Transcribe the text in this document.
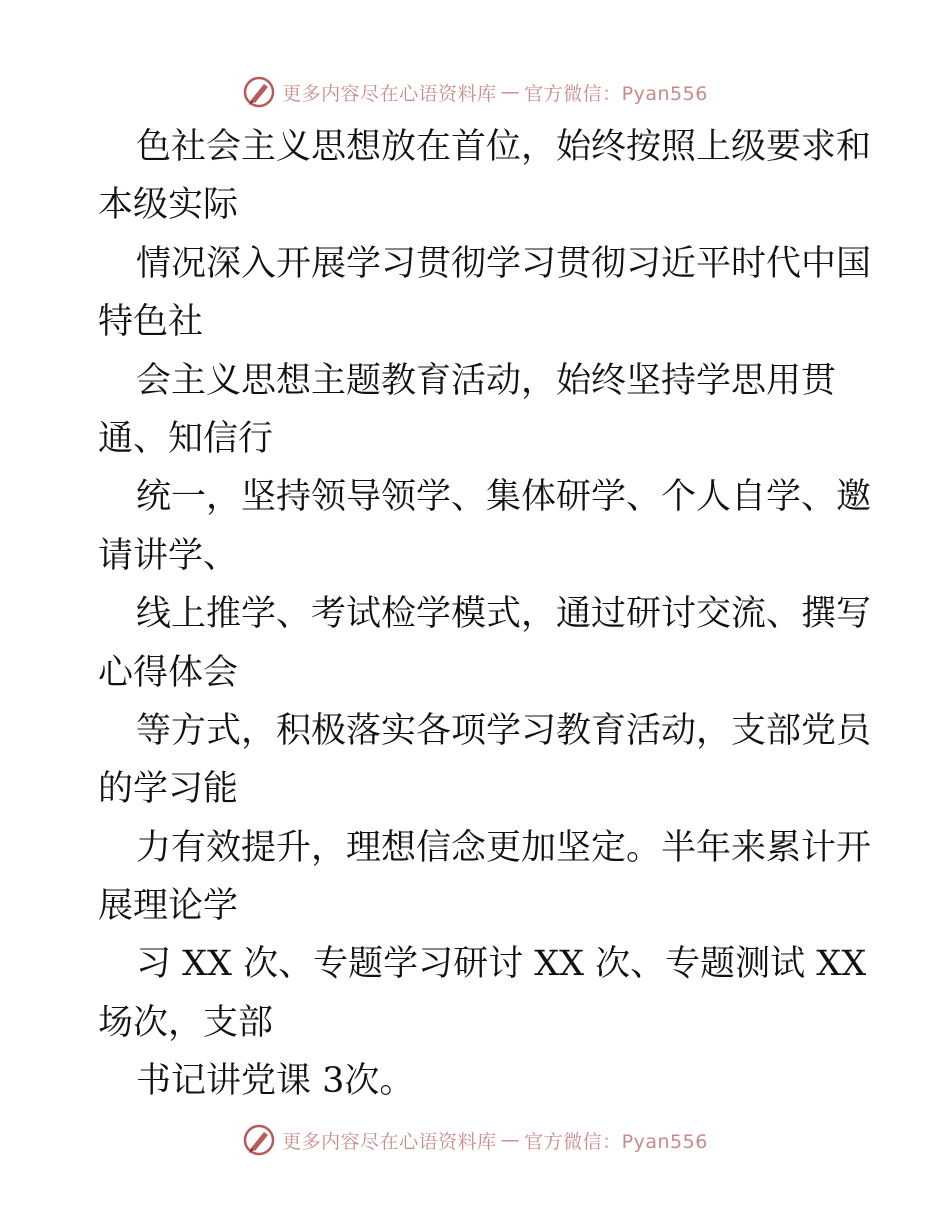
更多内容尽在心语资料库 — 官方微信：Pyan556
色社会主义思想放在首位，始终按照上级要求和
本级实际
情况深入开展学习贯彻学习贯彻习近平时代中国
特色社
会主义思想主题教育活动，始终坚持学思用贯
通、知信行
统一，坚持领导领学、集体研学、个人自学、邀
请讲学、
线上推学、考试检学模式，通过研讨交流、撰写
心得体会
等方式，积极落实各项学习教育活动，支部党员
的学习能
力有效提升，理想信念更加坚定。半年来累计开
展理论学
习 XX 次、专题学习研讨 XX 次、专题测试 XX
场次，支部
书记讲党课 3次。
更多内容尽在心语资料库 — 官方微信：Pyan556
